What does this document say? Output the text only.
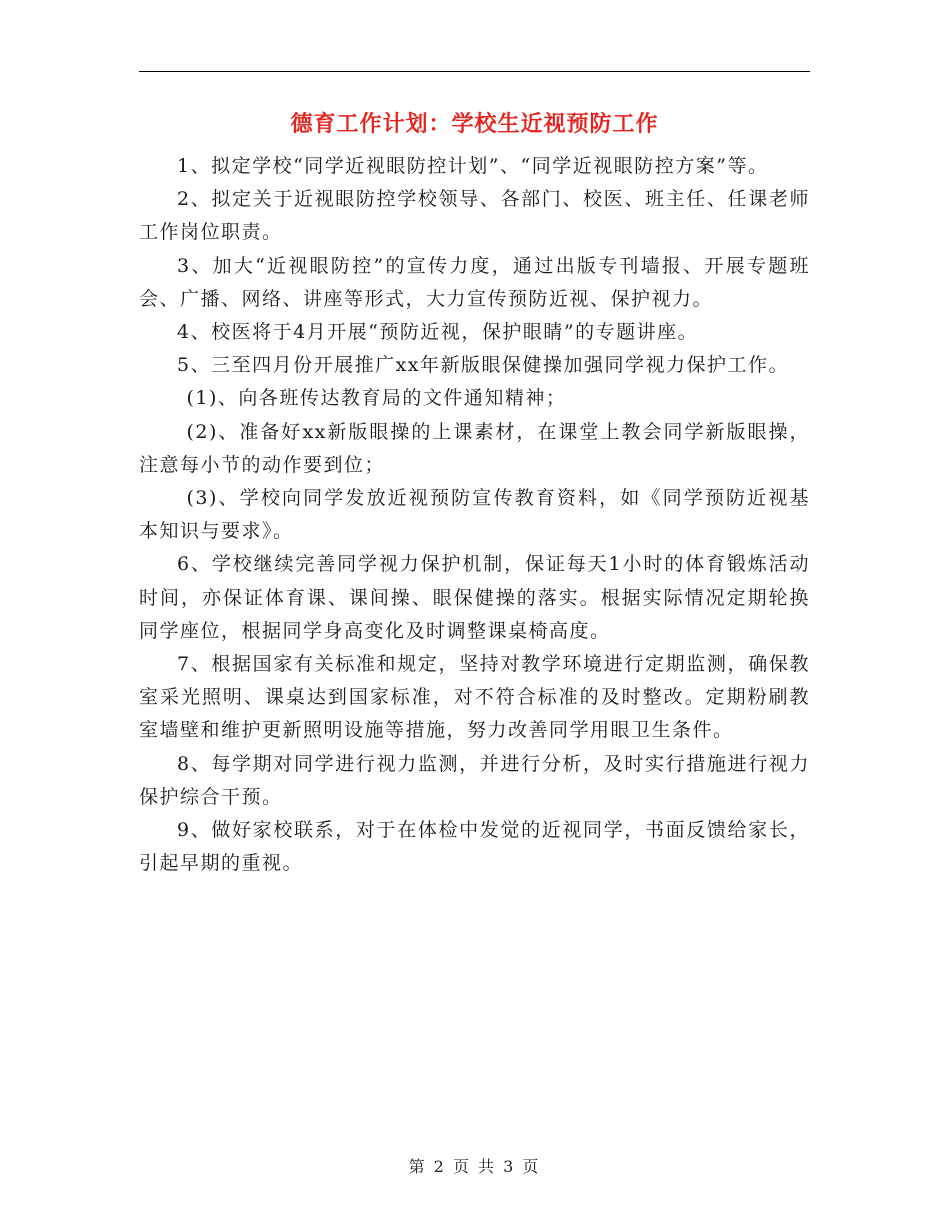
德育工作计划：学校生近视预防工作

1、拟定学校“同学近视眼防控计划”、“同学近视眼防控方案”等。

2、拟定关于近视眼防控学校领导、各部门、校医、班主任、任课老师工作岗位职责。

3、加大“近视眼防控”的宣传力度，通过出版专刊墙报、开展专题班会、广播、网络、讲座等形式，大力宣传预防近视、保护视力。

4、校医将于4月开展“预防近视，保护眼睛”的专题讲座。

5、三至四月份开展推广xx年新版眼保健操加强同学视力保护工作。

(1)、向各班传达教育局的文件通知精神；

(2)、准备好xx新版眼操的上课素材，在课堂上教会同学新版眼操，注意每小节的动作要到位；

(3)、学校向同学发放近视预防宣传教育资料，如《同学预防近视基本知识与要求》。

6、学校继续完善同学视力保护机制，保证每天1小时的体育锻炼活动时间，亦保证体育课、课间操、眼保健操的落实。根据实际情况定期轮换同学座位，根据同学身高变化及时调整课桌椅高度。

7、根据国家有关标准和规定，坚持对教学环境进行定期监测，确保教室采光照明、课桌达到国家标准，对不符合标准的及时整改。定期粉刷教室墙壁和维护更新照明设施等措施，努力改善同学用眼卫生条件。

8、每学期对同学进行视力监测，并进行分析，及时实行措施进行视力保护综合干预。

9、做好家校联系，对于在体检中发觉的近视同学，书面反馈给家长，引起早期的重视。

第 2 页 共 3 页
